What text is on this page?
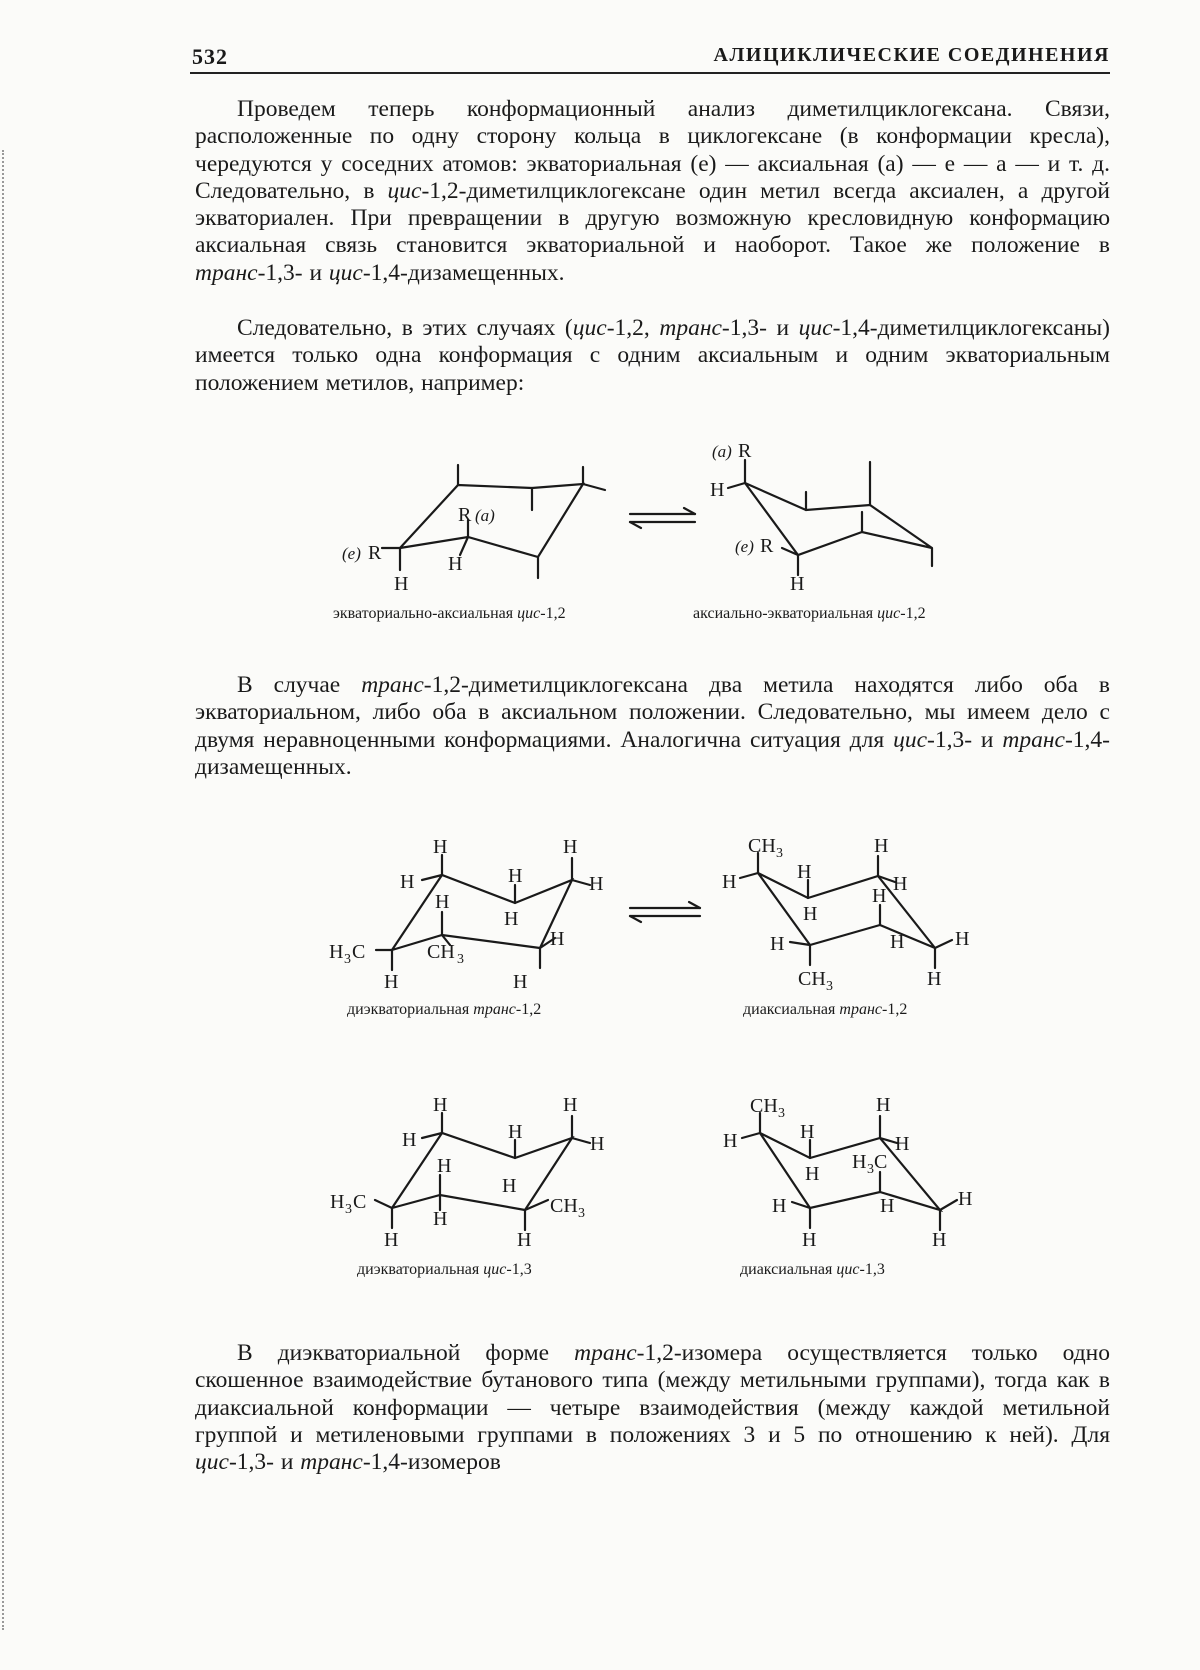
532	АЛИЦИКЛИЧЕСКИЕ СОЕДИНЕНИЯ

Проведем теперь конформационный анализ диметилциклогексана. Связи, расположенные по одну сторону кольца в циклогексане (в конформации кресла), чередуются у соседних атомов: экваториальная (е) — аксиальная (а) — е — а — и т. д. Следовательно, в цис-1,2-диметилциклогексане один метил всегда аксиален, а другой экваториален. При превращении в другую возможную кресловидную конформацию аксиальная связь становится экваториальной и наоборот. Такое же положение в транс-1,3- и цис-1,4-дизамещенных.

Следовательно, в этих случаях (цис-1,2, транс-1,3- и цис-1,4-диметилциклогексаны) имеется только одна конформация с одним аксиальным и одним экваториальным положением метилов, например:

R (a)
(e) R	H
H
(a) R
H
(e) R
H
экваториально-аксиальная цис-1,2	аксиально-экваториальная цис-1,2

В случае транс-1,2-диметилциклогексана два метила находятся либо оба в экваториальном, либо оба в аксиальном положении. Следовательно, мы имеем дело с двумя неравноценными конформациями. Аналогична ситуация для цис-1,3- и транс-1,4-дизамещенных.

H
H
H
H
H
H
H
H
H
CH 3
H 3 C
H
CH 3
H	H
H
H
H
H
H	H	H
CH 3	H
диэкваториальная транс-1,2	диаксиальная транс-1,2
H
H
H
H
H
H
H
H
CH 3
H 3 C
H	H
CH 3
H	H
H
H
H
H 3 C
H	H	H
H	H
диэкваториальная цис-1,3	диаксиальная цис-1,3

В диэкваториальной форме транс-1,2-изомера осуществляется только одно скошенное взаимодействие бутанового типа (между метильными группами), тогда как в диаксиальной конформации — четыре взаимодействия (между каждой метильной группой и метиленовыми группами в положениях 3 и 5 по отношению к ней). Для цис-1,3- и транс-1,4-изомеров
